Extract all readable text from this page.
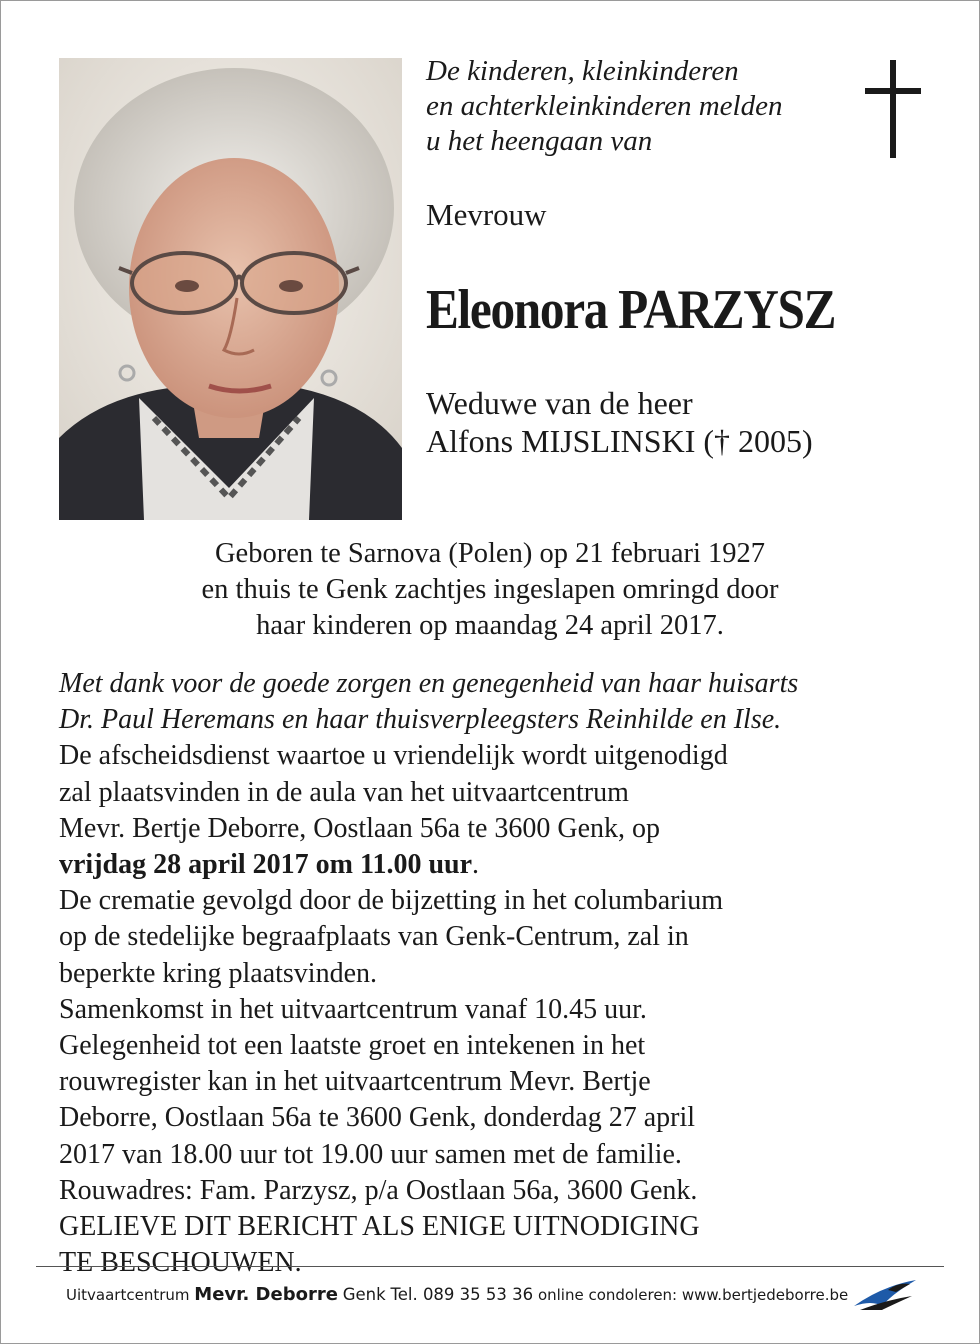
De kinderen, kleinkinderen
en achterkleinkinderen melden
u het heengaan van
Mevrouw
Eleonora PARZYSZ
Weduwe van de heer
Alfons MIJSLINSKI († 2005)
Geboren te Sarnova (Polen) op 21 februari 1927
en thuis te Genk zachtjes ingeslapen omringd door
haar kinderen op maandag 24 april 2017.
Met dank voor de goede zorgen en genegenheid van haar huisarts
Dr. Paul Heremans en haar thuisverpleegsters Reinhilde en Ilse.
De afscheidsdienst waartoe u vriendelijk wordt uitgenodigd
zal plaatsvinden in de aula van het uitvaartcentrum
Mevr. Bertje Deborre, Oostlaan 56a te 3600 Genk, op
vrijdag 28 april 2017 om 11.00 uur.
De crematie gevolgd door de bijzetting in het columbarium
op de stedelijke begraafplaats van Genk-Centrum, zal in
beperkte kring plaatsvinden.
Samenkomst in het uitvaartcentrum vanaf 10.45 uur.
Gelegenheid tot een laatste groet en intekenen in het
rouwregister kan in het uitvaartcentrum Mevr. Bertje
Deborre, Oostlaan 56a te 3600 Genk, donderdag 27 april
2017 van 18.00 uur tot 19.00 uur samen met de familie.
Rouwadres: Fam. Parzysz, p/a Oostlaan 56a, 3600 Genk.
GELIEVE DIT BERICHT ALS ENIGE UITNODIGING
TE BESCHOUWEN.
Uitvaartcentrum Mevr. Deborre Genk Tel. 089 35 53 36 online condoleren: www.bertjedeborre.be
